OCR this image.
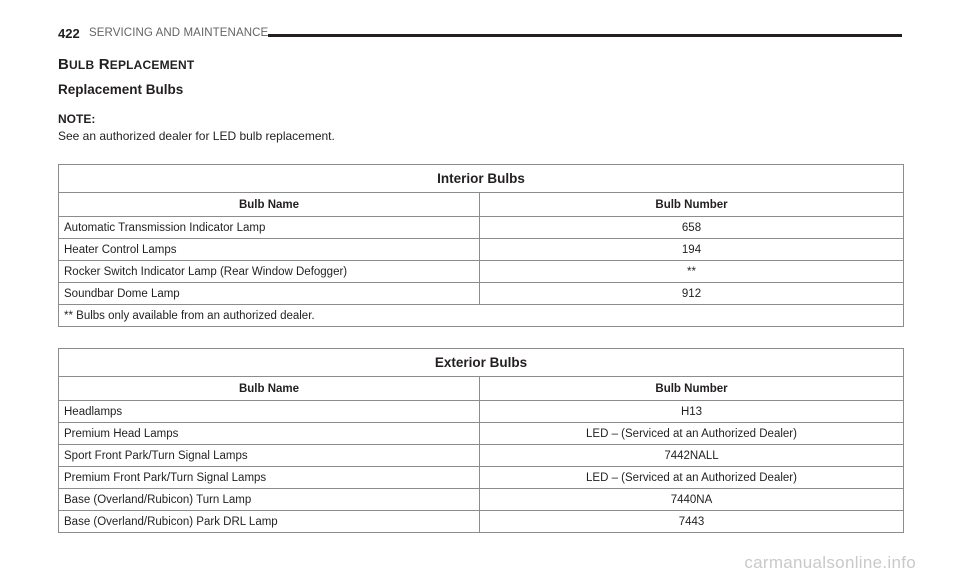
422 SERVICING AND MAINTENANCE
BULB REPLACEMENT
Replacement Bulbs

NOTE:

See an authorized dealer for LED bulb replacement.

Interior Bulbs	
Bulb Name	Bulb Number
Automatic Transmission Indicator Lamp	658
Heater Control Lamps	194
Rocker Switch Indicator Lamp (Rear Window Defogger)	**
Soundbar Dome Lamp	912
** Bulbs only available from an authorized dealer.	
Exterior Bulbs	
Bulb Name	Bulb Number
Headlamps	H13
Premium Head Lamps	LED – (Serviced at an Authorized Dealer)
Sport Front Park/Turn Signal Lamps	7442NALL
Premium Front Park/Turn Signal Lamps	LED – (Serviced at an Authorized Dealer)
Base (Overland/Rubicon) Turn Lamp	7440NA
Base (Overland/Rubicon) Park DRL Lamp	7443
carmanualsonline.info
